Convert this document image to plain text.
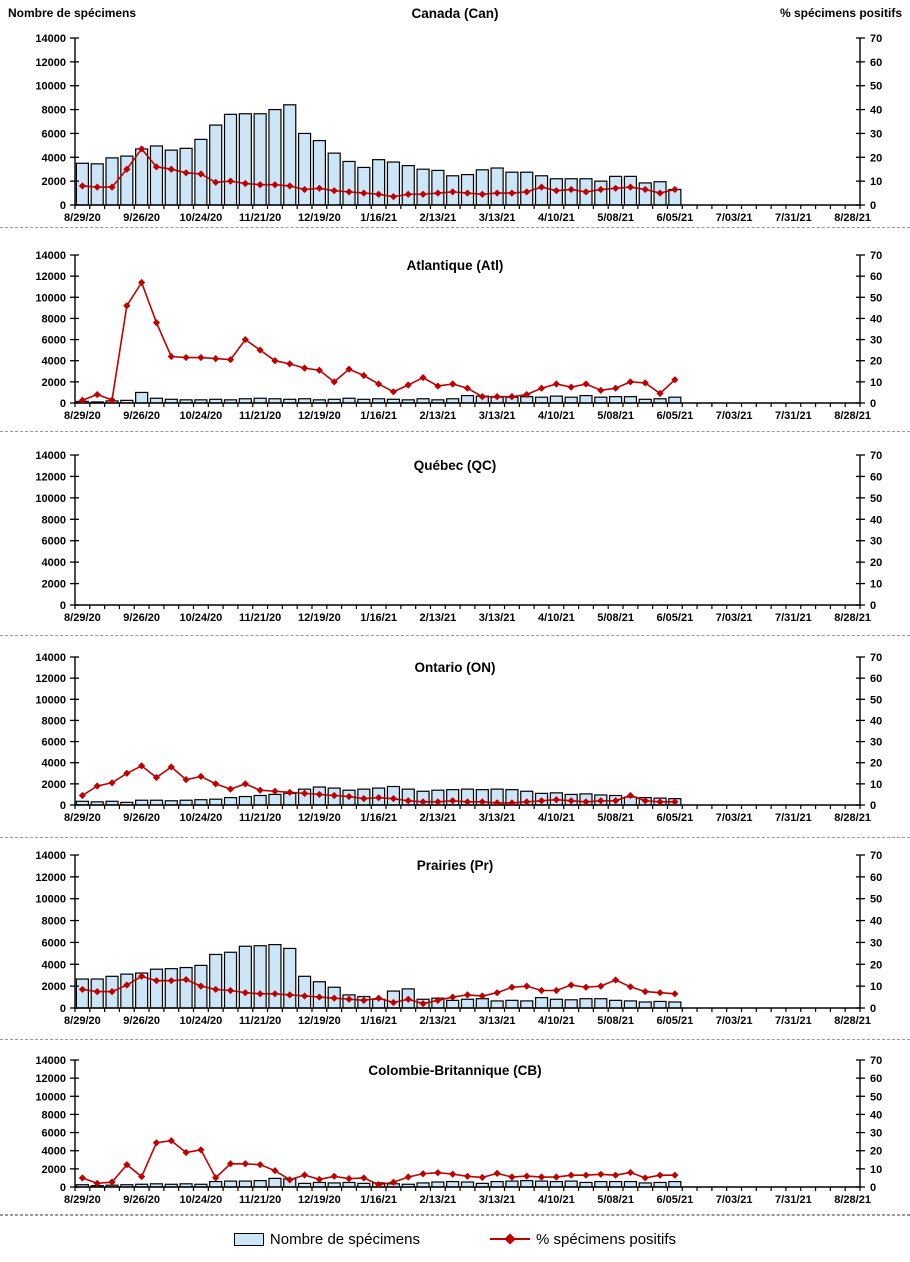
Nombre de spécimens	% spécimens positifs
Canada (Can)
0
2000
4000
6000
8000
10000
12000
14000
0
10
20
30
40
50
60
70
8/29/20 9/26/20 10/24/20 11/21/20 12/19/20 1/16/21 2/13/21 3/13/21 4/10/21 5/08/21 6/05/21 7/03/21 7/31/21 8/28/21
Atlantique (Atl)
0
2000
4000
6000
8000
10000
12000
14000
0
10
20
30
40
50
60
70
8/29/20 9/26/20 10/24/20 11/21/20 12/19/20 1/16/21 2/13/21 3/13/21 4/10/21 5/08/21 6/05/21 7/03/21 7/31/21 8/28/21
Québec (QC)
0
2000
4000
6000
8000
10000
12000
14000
0
10
20
30
40
50
60
70
8/29/20 9/26/20 10/24/20 11/21/20 12/19/20 1/16/21 2/13/21 3/13/21 4/10/21 5/08/21 6/05/21 7/03/21 7/31/21 8/28/21
Ontario (ON)
0
2000
4000
6000
8000
10000
12000
14000
0
10
20
30
40
50
60
70
8/29/20 9/26/20 10/24/20 11/21/20 12/19/20 1/16/21 2/13/21 3/13/21 4/10/21 5/08/21 6/05/21 7/03/21 7/31/21 8/28/21
Prairies (Pr)
0
2000
4000
6000
8000
10000
12000
14000
0
10
20
30
40
50
60
70
8/29/20 9/26/20 10/24/20 11/21/20 12/19/20 1/16/21 2/13/21 3/13/21 4/10/21 5/08/21 6/05/21 7/03/21 7/31/21 8/28/21
Colombie-Britannique (CB)
0
2000
4000
6000
8000
10000
12000
14000
0
10
20
30
40
50
60
70
8/29/20 9/26/20 10/24/20 11/21/20 12/19/20 1/16/21 2/13/21 3/13/21 4/10/21 5/08/21 6/05/21 7/03/21 7/31/21 8/28/21
Nombre de spécimens	% spécimens positifs
